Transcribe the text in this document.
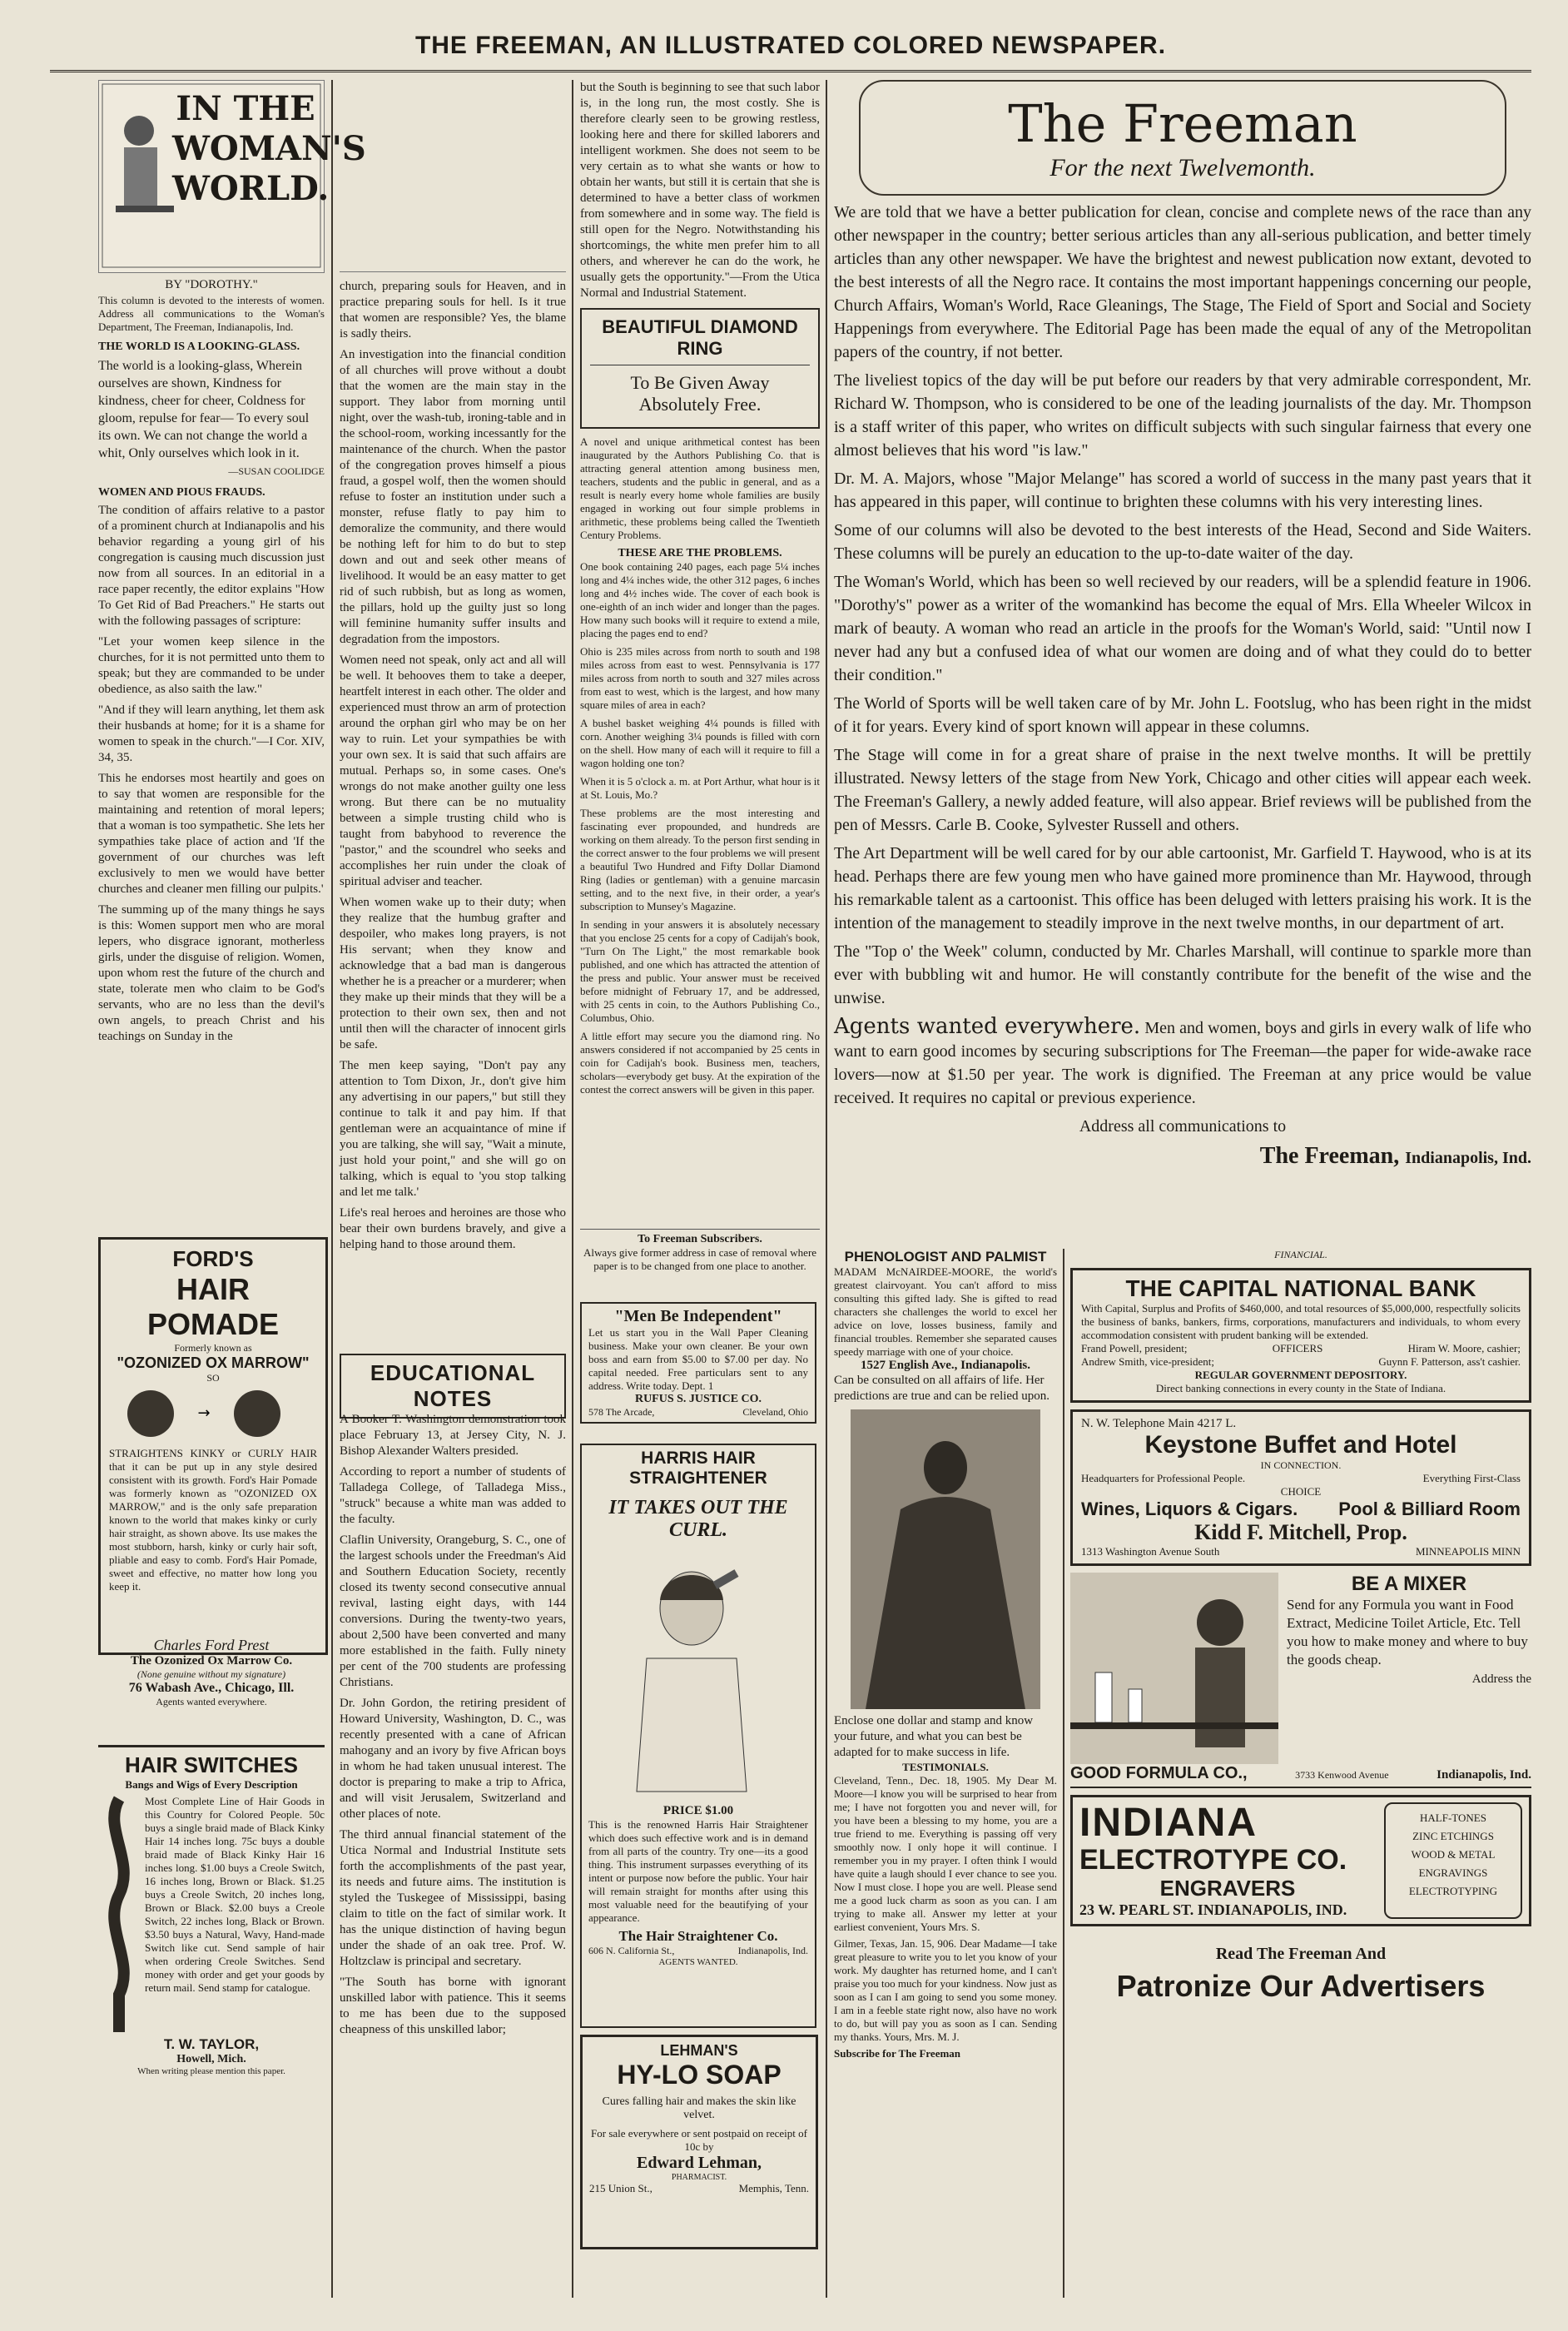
THE FREEMAN, AN ILLUSTRATED COLORED NEWSPAPER.
IN THE WOMAN'S WORLD.
BY "DOROTHY."
This column is devoted to the interests of women. Address all communications to the Woman's Department, The Freeman, Indianapolis, Ind.
THE WORLD IS A LOOKING-GLASS.
The world is a looking-glass, Wherein ourselves are shown, Kindness for kindness, cheer for cheer, Coldness for gloom, repulse for fear— To every soul its own. We can not change the world a whit, Only ourselves which look in it.
—SUSAN COOLIDGE
WOMEN AND PIOUS FRAUDS.

The condition of affairs relative to a pastor of a prominent church at Indianapolis and his behavior regarding a young girl of his congregation is causing much discussion just now from all sources. In an editorial in a race paper recently, the editor explains "How To Get Rid of Bad Preachers." He starts out with the following passages of scripture:

"Let your women keep silence in the churches, for it is not permitted unto them to speak; but they are commanded to be under obedience, as also saith the law."

"And if they will learn anything, let them ask their husbands at home; for it is a shame for women to speak in the church."—I Cor. XIV, 34, 35.

This he endorses most heartily and goes on to say that women are responsible for the maintaining and retention of moral lepers; that a woman is too sympathetic. She lets her sympathies take place of action and 'If the government of our churches was left exclusively to men we would have better churches and cleaner men filling our pulpits.'

The summing up of the many things he says is this: Women support men who are moral lepers, who disgrace ignorant, motherless girls, under the disguise of religion. Women, upon whom rest the future of the church and state, tolerate men who claim to be God's servants, who are no less than the devil's own angels, to preach Christ and his teachings on Sunday in the

FORD'S
HAIR POMADE
Formerly known as
"OZONIZED OX MARROW"
SO
→
STRAIGHTENS KINKY or CURLY HAIR that it can be put up in any style desired consistent with its growth. Ford's Hair Pomade was formerly known as "OZONIZED OX MARROW," and is the only safe preparation known to the world that makes kinky or curly hair straight, as shown above. Its use makes the most stubborn, harsh, kinky or curly hair soft, pliable and easy to comb. Ford's Hair Pomade, sweet and effective, no matter how long you keep it.
Charles Ford Prest
The Ozonized Ox Marrow Co.
(None genuine without my signature)
76 Wabash Ave., Chicago, Ill.
Agents wanted everywhere.
HAIR SWITCHES
Bangs and Wigs of Every Description
Most Complete Line of Hair Goods in this Country for Colored People. 50c buys a single braid made of Black Kinky Hair 14 inches long. 75c buys a double braid made of Black Kinky Hair 16 inches long. $1.00 buys a Creole Switch, 16 inches long, Brown or Black. $1.25 buys a Creole Switch, 20 inches long, Brown or Black. $2.00 buys a Creole Switch, 22 inches long, Black or Brown. $3.50 buys a Natural, Wavy, Hand-made Switch like cut. Send sample of hair when ordering Creole Switches. Send money with order and get your goods by return mail. Send stamp for catalogue.
T. W. TAYLOR,
Howell, Mich.
When writing please mention this paper.

church, preparing souls for Heaven, and in practice preparing souls for hell. Is it true that women are responsible? Yes, the blame is sadly theirs.

An investigation into the financial condition of all churches will prove without a doubt that the women are the main stay in the support. They labor from morning until night, over the wash-tub, ironing-table and in the school-room, working incessantly for the maintenance of the church. When the pastor of the congregation proves himself a pious fraud, a gospel wolf, then the women should refuse to foster an institution under such a monster, refuse flatly to pay him to demoralize the community, and there would be nothing left for him to do but to step down and out and seek other means of livelihood. It would be an easy matter to get rid of such rubbish, but as long as women, the pillars, hold up the guilty just so long will feminine humanity suffer insults and degradation from the impostors.

Women need not speak, only act and all will be well. It behooves them to take a deeper, heartfelt interest in each other. The older and experienced must throw an arm of protection around the orphan girl who may be on her way to ruin. Let your sympathies be with your own sex. It is said that such affairs are mutual. Perhaps so, in some cases. One's wrongs do not make another guilty one less wrong. But there can be no mutuality between a simple trusting child who is taught from babyhood to reverence the "pastor," and the scoundrel who seeks and accomplishes her ruin under the cloak of spiritual adviser and teacher.

When women wake up to their duty; when they realize that the humbug grafter and despoiler, who makes long prayers, is not His servant; when they know and acknowledge that a bad man is dangerous whether he is a preacher or a murderer; when they make up their minds that they will be a protection to their own sex, then and not until then will the character of innocent girls be safe.

The men keep saying, "Don't pay any attention to Tom Dixon, Jr., don't give him any advertising in our papers," but still they continue to talk it and pay him. If that gentleman were an acquaintance of mine if you are talking, she will say, "Wait a minute, just hold your point," and she will go on talking, which is equal to 'you stop talking and let me talk.'

Life's real heroes and heroines are those who bear their own burdens bravely, and give a helping hand to those around them.

EDUCATIONAL NOTES

A Booker T. Washington demonstration took place February 13, at Jersey City, N. J. Bishop Alexander Walters presided.

According to report a number of students of Talladega College, of Talladega Miss., "struck" because a white man was added to the faculty.

Claflin University, Orangeburg, S. C., one of the largest schools under the Freedman's Aid and Southern Education Society, recently closed its twenty second consecutive annual revival, lasting eight days, with 144 conversions. During the twenty-two years, about 2,500 have been converted and many more established in the faith. Fully ninety per cent of the 700 students are professing Christians.

Dr. John Gordon, the retiring president of Howard University, Washington, D. C., was recently presented with a cane of African mahogany and an ivory by five African boys in whom he had taken unusual interest. The doctor is preparing to make a trip to Africa, and will visit Jerusalem, Switzerland and other places of note.

The third annual financial statement of the Utica Normal and Industrial Institute sets forth the accomplishments of the past year, its needs and future aims. The institution is styled the Tuskegee of Mississippi, basing claim to title on the fact of similar work. It has the unique distinction of having begun under the shade of an oak tree. Prof. W. Holtzclaw is principal and secretary.

"The South has borne with ignorant unskilled labor with patience. This it seems to me has been due to the supposed cheapness of this unskilled labor;

but the South is beginning to see that such labor is, in the long run, the most costly. She is therefore clearly seen to be growing restless, looking here and there for skilled laborers and intelligent workmen. She does not seem to be very certain as to what she wants or how to obtain her wants, but still it is certain that she is determined to have a better class of workmen from somewhere and in some way. The field is still open for the Negro. Notwithstanding his shortcomings, the white men prefer him to all others, and wherever he can do the work, he usually gets the opportunity."—From the Utica Normal and Industrial Statement.

BEAUTIFUL DIAMOND RING
To Be Given Away
Absolutely Free.

A novel and unique arithmetical contest has been inaugurated by the Authors Publishing Co. that is attracting general attention among business men, teachers, students and the public in general, and as a result is nearly every home whole families are busily engaged in working out four simple problems in arithmetic, these problems being called the Twentieth Century Problems.

THESE ARE THE PROBLEMS.

One book containing 240 pages, each page 5¼ inches long and 4¼ inches wide, the other 312 pages, 6 inches long and 4½ inches wide. The cover of each book is one-eighth of an inch wider and longer than the pages. How many such books will it require to extend a mile, placing the pages end to end?

Ohio is 235 miles across from north to south and 198 miles across from east to west. Pennsylvania is 177 miles across from north to south and 327 miles across from east to west, which is the largest, and how many square miles of area in each?

A bushel basket weighing 4¼ pounds is filled with corn. Another weighing 3¼ pounds is filled with corn on the shell. How many of each will it require to fill a wagon holding one ton?

When it is 5 o'clock a. m. at Port Arthur, what hour is it at St. Louis, Mo.?

These problems are the most interesting and fascinating ever propounded, and hundreds are working on them already. To the person first sending in the correct answer to the four problems we will present a beautiful Two Hundred and Fifty Dollar Diamond Ring (ladies or gentleman) with a genuine marcasin setting, and to the next five, in their order, a year's subscription to Munsey's Magazine.

In sending in your answers it is absolutely necessary that you enclose 25 cents for a copy of Cadijah's book, "Turn On The Light," the most remarkable book published, and one which has attracted the attention of the press and public. Your answer must be received before midnight of February 17, and be addressed, with 25 cents in coin, to the Authors Publishing Co., Columbus, Ohio.

A little effort may secure you the diamond ring. No answers considered if not accompanied by 25 cents in coin for Cadijah's book. Business men, teachers, scholars—everybody get busy. At the expiration of the contest the correct answers will be given in this paper.

To Freeman Subscribers.
Always give former address in case of removal where paper is to be changed from one place to another.
"Men Be Independent"
Let us start you in the Wall Paper Cleaning business. Make your own cleaner. Be your own boss and earn from $5.00 to $7.00 per day. No capital needed. Free particulars sent to any address. Write today. Dept. 1
RUFUS S. JUSTICE CO.
578 The Arcade,	Cleveland, Ohio
HARRIS HAIR STRAIGHTENER
IT TAKES OUT THE CURL.
PRICE $1.00
This is the renowned Harris Hair Straightener which does such effective work and is in demand from all parts of the country. Try one—its a good thing. This instrument surpasses everything of its intent or purpose now before the public. Your hair will remain straight for months after using this most valuable need for the beautifying of your appearance.
The Hair Straightener Co.
606 N. California St.,	Indianapolis, Ind.
AGENTS WANTED.
LEHMAN'S
HY-LO SOAP
Cures falling hair and makes the skin like velvet.
For sale everywhere or sent postpaid on receipt of 10c by
Edward Lehman,
PHARMACIST.
215 Union St.,	Memphis, Tenn.
The Freeman
For the next Twelvemonth.

We are told that we have a better publication for clean, concise and complete news of the race than any other newspaper in the country; better serious articles than any all-serious publication, and better timely articles than any other newspaper. We have the brightest and newest publication now extant, devoted to the best interests of all the Negro race. It contains the most important happenings concerning our people, Church Affairs, Woman's World, Race Gleanings, The Stage, The Field of Sport and Social and Society Happenings from everywhere. The Editorial Page has been made the equal of any of the Metropolitan papers of the country, if not better.

The liveliest topics of the day will be put before our readers by that very admirable correspondent, Mr. Richard W. Thompson, who is considered to be one of the leading journalists of the day. Mr. Thompson is a staff writer of this paper, who writes on difficult subjects with such singular fairness that every one almost believes that his word "is law."

Dr. M. A. Majors, whose "Major Melange" has scored a world of success in the many past years that it has appeared in this paper, will continue to brighten these columns with his very interesting lines.

Some of our columns will also be devoted to the best interests of the Head, Second and Side Waiters. These columns will be purely an education to the up-to-date waiter of the day.

The Woman's World, which has been so well recieved by our readers, will be a splendid feature in 1906. "Dorothy's" power as a writer of the womankind has become the equal of Mrs. Ella Wheeler Wilcox in mark of beauty. A woman who read an article in the proofs for the Woman's World, said: "Until now I never had any but a confused idea of what our women are doing and of what they could do to better their condition."

The World of Sports will be well taken care of by Mr. John L. Footslug, who has been right in the midst of it for years. Every kind of sport known will appear in these columns.

The Stage will come in for a great share of praise in the next twelve months. It will be prettily illustrated. Newsy letters of the stage from New York, Chicago and other cities will appear each week. The Freeman's Gallery, a newly added feature, will also appear. Brief reviews will be published from the pen of Messrs. Carle B. Cooke, Sylvester Russell and others.

The Art Department will be well cared for by our able cartoonist, Mr. Garfield T. Haywood, who is at its head. Perhaps there are few young men who have gained more prominence than Mr. Haywood, through his remarkable talent as a cartoonist. This office has been deluged with letters praising his work. It is the intention of the management to steadily improve in the next twelve months, in our department of art.

The "Top o' the Week" column, conducted by Mr. Charles Marshall, will continue to sparkle more than ever with bubbling wit and humor. He will constantly contribute for the benefit of the wise and the unwise.

Agents wanted everywhere. Men and women, boys and girls in every walk of life who want to earn good incomes by securing subscriptions for The Freeman—the paper for wide-awake race lovers—now at $1.50 per year. The work is dignified. The Freeman at any price would be value received. It requires no capital or previous experience.

Address all communications to

The Freeman, Indianapolis, Ind.
PHENOLOGIST AND PALMIST
MADAM McNAIRDEE-MOORE, the world's greatest clairvoyant. You can't afford to miss consulting this gifted lady. She is gifted to read characters she challenges the world to excel her advice on love, losses business, family and financial troubles. Remember she separated causes speedy marriage with one of your choice.
1527 English Ave., Indianapolis.
Can be consulted on all affairs of life. Her predictions are true and can be relied upon.
Enclose one dollar and stamp and know your future, and what you can best be adapted for to make success in life.
TESTIMONIALS.
Cleveland, Tenn., Dec. 18, 1905. My Dear M. Moore—I know you will be surprised to hear from me; I have not forgotten you and never will, for you have been a blessing to my home, you are a true friend to me. Everything is passing off very smoothly now. I only hope it will continue. I remember you in my prayer. I often think I would have quite a laugh should I ever chance to see you. Now I must close. I hope you are well. Please send me a good luck charm as soon as you can. I am trying to make all. Answer my letter at your earliest convenient, Yours Mrs. S.
Gilmer, Texas, Jan. 15, 906. Dear Madame—I take great pleasure to write you to let you know of your work. My daughter has returned home, and I can't praise you too much for your kindness. Now just as soon as I can I am going to send you some money. I am in a feeble state right now, also have no work to do, but will pay you as soon as I can. Sending my thanks. Yours, Mrs. M. J.
Subscribe for The Freeman
FINANCIAL.
THE CAPITAL NATIONAL BANK
With Capital, Surplus and Profits of $460,000, and total resources of $5,000,000, respectfully solicits the business of banks, bankers, firms, corporations, manufacturers and individuals, to whom every accommodation consistent with prudent banking will be extended.
Frand Powell, president;	OFFICERS	Hiram W. Moore, cashier;
Andrew Smith, vice-president;	Guynn F. Patterson, ass't cashier.
REGULAR GOVERNMENT DEPOSITORY.
Direct banking connections in every county in the State of Indiana.
N. W. Telephone Main 4217 L.
Keystone Buffet and Hotel
IN CONNECTION.
Headquarters for Professional People.	Everything First-Class
CHOICE
Wines, Liquors & Cigars. Pool & Billiard Room
Kidd F. Mitchell, Prop.
1313 Washington Avenue South	MINNEAPOLIS MINN
BE A MIXER
Send for any Formula you want in Food Extract, Medicine Toilet Article, Etc. Tell you how to make money and where to buy the goods cheap.
Address the
GOOD FORMULA CO.,	3733 Kenwood Avenue	Indianapolis, Ind.
INDIANA
ELECTROTYPE CO.
ENGRAVERS
23 W. PEARL ST. INDIANAPOLIS, IND.
HALF-TONES
ZINC ETCHINGS
WOOD & METAL
ENGRAVINGS
ELECTROTYPING
Read The Freeman And
Patronize Our Advertisers
